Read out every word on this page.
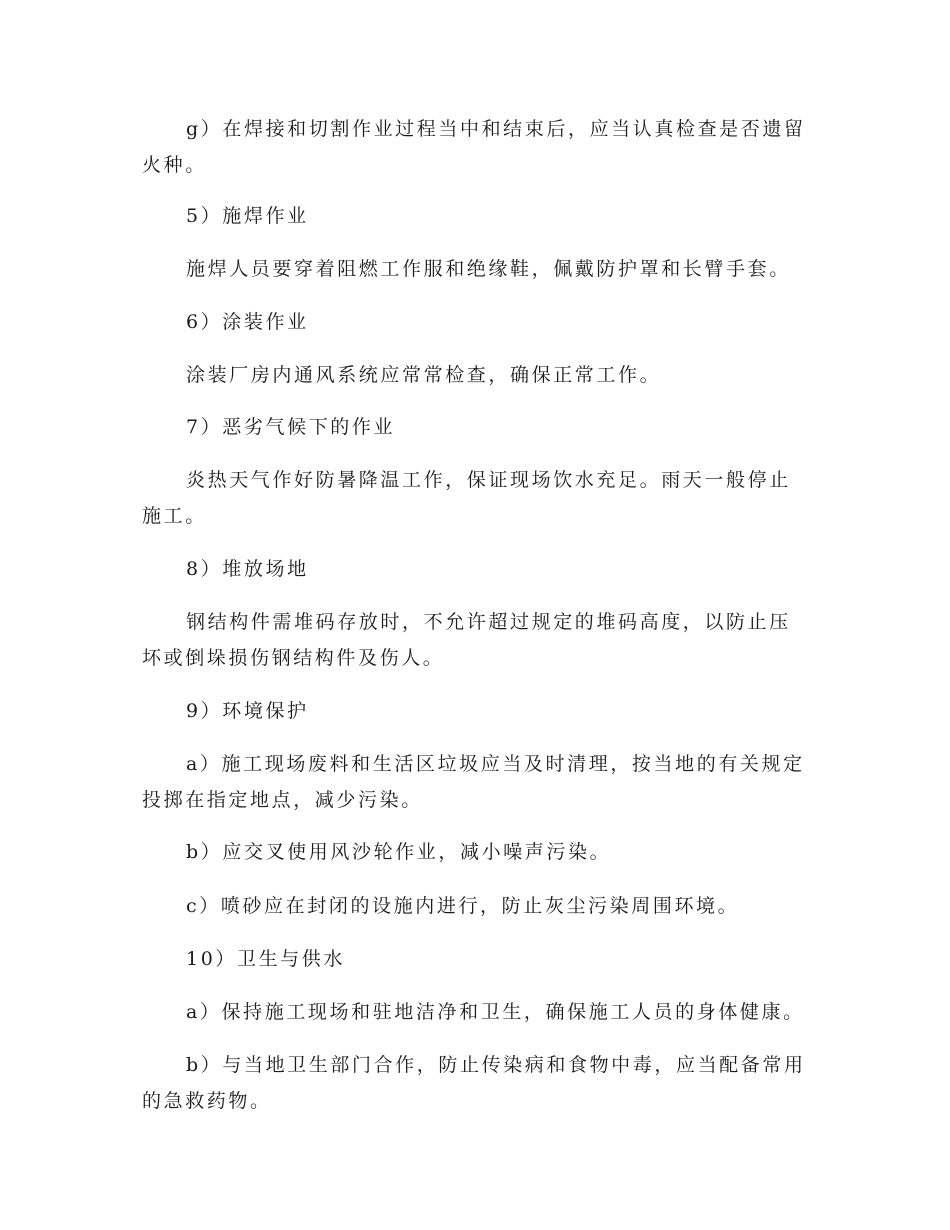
g）在焊接和切割作业过程当中和结束后，应当认真检查是否遗留火种。

5）施焊作业

施焊人员要穿着阻燃工作服和绝缘鞋，佩戴防护罩和长臂手套。

6）涂装作业

涂装厂房内通风系统应常常检查，确保正常工作。

7）恶劣气候下的作业

炎热天气作好防暑降温工作，保证现场饮水充足。雨天一般停止施工。

8）堆放场地

钢结构件需堆码存放时，不允许超过规定的堆码高度，以防止压坏或倒垛损伤钢结构件及伤人。

9）环境保护

a）施工现场废料和生活区垃圾应当及时清理，按当地的有关规定投掷在指定地点，减少污染。

b）应交叉使用风沙轮作业，减小噪声污染。

c）喷砂应在封闭的设施内进行，防止灰尘污染周围环境。

10）卫生与供水

a）保持施工现场和驻地洁净和卫生，确保施工人员的身体健康。

b）与当地卫生部门合作，防止传染病和食物中毒，应当配备常用的急救药物。
